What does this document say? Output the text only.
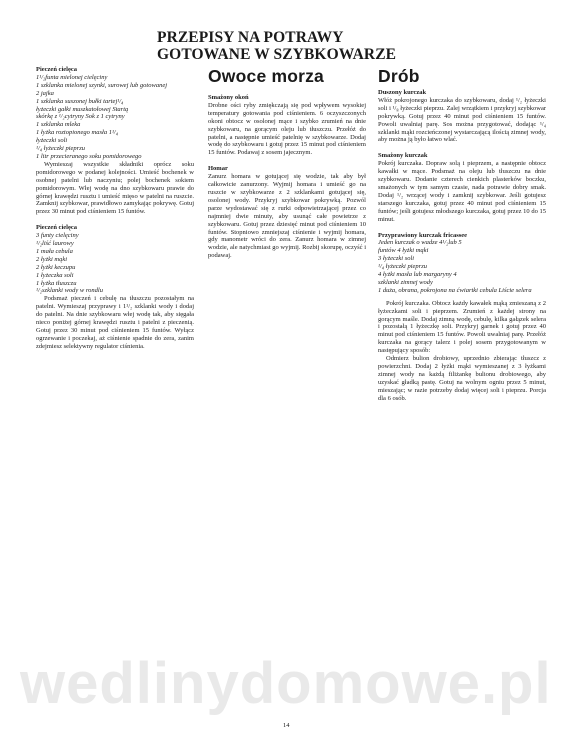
PRZEPISY NA POTRAWY GOTOWANE W SZYBKOWARZE

Pieczeń cielęca

1¹/₂funta mielonej cielęciny

1 szklanka mielonej szynki, surowej lub gotowanej

2 jajka

1 szklanka suszonej bułki tartej¹/₄

łyżeczki gałki muszkatołowej Startą

skórkę z ¹/₂cytryny Sok z 1 cytryny

1 szklanka mleka

1 łyżka roztopionego masła 1¹/₄

łyżeczki soli

¹/₄ łyżeczki pieprzu

1 litr przecieranego soku pomidorowego

Wymieszaj wszystkie składniki oprócz soku pomidorowego w podanej kolejności. Umieść bochenek w osobnej patelni lub naczyniu; polej bochenek sokiem pomidorowym. Włej wodę na dno szybkowaru prawie do górnej krawędzi rusztu i umieść mięso w patelni na ruszcie. Zamknij szybkowar, prawidłowo zamykając pokrywę. Gotuj przez 30 minut pod ciśnieniem 15 funtów.

Pieczeń cielęca

3 funty cielęciny

¹/₂liść laurowy

1 mała cebula

2 łyżki mąki

2 łyżki keczupu

1 łyżeczka soli

1 łyżka tłuszczu

¹/₂szklanki wody w rondlu

Podsmaż pieczeń i cebulę na tłuszczu pozostałym na patelni. Wymieszaj przyprawy i 1¹/₂ szklanki wody i dodaj do patelni. Na dnie szybkowaru włej wodę tak, aby sięgała nieco poniżej górnej krawędzi rusztu i patelni z pieczenią. Gotuj przez 30 minut pod ciśnieniem 15 funtów. Wyłącz ogrzewanie i poczekaj, aż ciśnienie spadnie do zera, zanim zdejmiesz selektywny regulator ciśnienia.

Owoce morza

Smażony okoń

Drobne ości ryby zmiękczają się pod wpływem wysokiej temperatury gotowania pod ciśnieniem. 6 oczyszczonych okoni obtocz w osolonej mące i szybko zrumień na dnie szybkowaru, na gorącym oleju lub tłuszczu. Przełóż do patelni, a następnie umieść patelnię w szybkowarze. Dodaj wodę do szybkowaru i gotuj przez 15 minut pod ciśnieniem 15 funtów. Podawaj z sosem jajecznym.

Homar

Zanurz homara w gotującej się wodzie, tak aby był całkowicie zanurzony. Wyjmij homara i umieść go na ruszcie w szybkowarze z 2 szklankami gotującej się, osolonej wody. Przykryj szybkowar pokrywką. Pozwól parze wydostawać się z rurki odpowietrzającej przez co najmniej dwie minuty, aby usunąć całe powietrze z szybkowaru. Gotuj przez dziesięć minut pod ciśnieniem 10 funtów. Stopniowo zmniejszaj ciśnienie i wyjmij homara, gdy manometr wróci do zera. Zanurz homara w zimnej wodzie, ale natychmiast go wyjmij. Rozbij skorupę, oczyść i podawaj.

Drób

Duszony kurczak

Włóż pokrojonego kurczaka do szybkowaru, dodaj ¹/₂ łyżeczki soli i ¹/₈ łyżeczki pieprzu. Zalej wrzątkiem i przykryj szybkowar pokrywką. Gotuj przez 40 minut pod ciśnieniem 15 funtów. Powoli uwalniaj parę. Sos można przygotować, dodając ¹/₄ szklanki mąki rozcieńczonej wystarczającą ilością zimnej wody, aby można ją było łatwo wlać.

Smażony kurczak

Pokrój kurczaka. Dopraw solą i pieprzem, a następnie obtocz kawałki w mące. Podsmaż na oleju lub tłuszczu na dnie szybkowaru. Dodanie czterech cienkich plasterków boczku, smażonych w tym samym czasie, nada potrawie dobry smak. Dodaj ¹/₂ wrzącej wody i zamknij szybkowar. Jeśli gotujesz starszego kurczaka, gotuj przez 40 minut pod ciśnieniem 15 funtów; jeśli gotujesz młodszego kurczaka, gotuj przez 10 do 15 minut.

Przyprawiony kurczak fricassee

Jeden kurczak o wadze 4¹/₂lub 5

funtów 4 łyżki mąki

3 łyżeczki soli

¹/₄ łyżeczki pieprzu

4 łyżki masła lub margaryny 4

szklanki zimnej wody

1 duża, obrana, pokrojona na ćwiartki cebula Liście selera

Pokrój kurczaka. Obtocz każdy kawałek mąką zmieszaną z 2 łyżeczkami soli i pieprzem. Zrumień z każdej strony na gorącym maśle. Dodaj zimną wodę, cebulę, kilka gałązek selera i pozostałą 1 łyżeczkę soli. Przykryj garnek i gotuj przez 40 minut pod ciśnieniem 15 funtów. Powoli uwalniaj parę. Przełóż kurczaka na gorący talerz i polej sosem przygotowanym w następujący sposób:

Odmierz bulion drobiowy, uprzednio zbierając tłuszcz z powierzchni. Dodaj 2 łyżki mąki wymieszanej z 3 łyżkami zimnej wody na każdą filiżankę bulionu drobiowego, aby uzyskać gładką pastę. Gotuj na wolnym ogniu przez 5 minut, mieszając; w razie potrzeby dodaj więcej soli i pieprzu. Porcja dla 6 osób.

wedlinydomowe.pl
14
